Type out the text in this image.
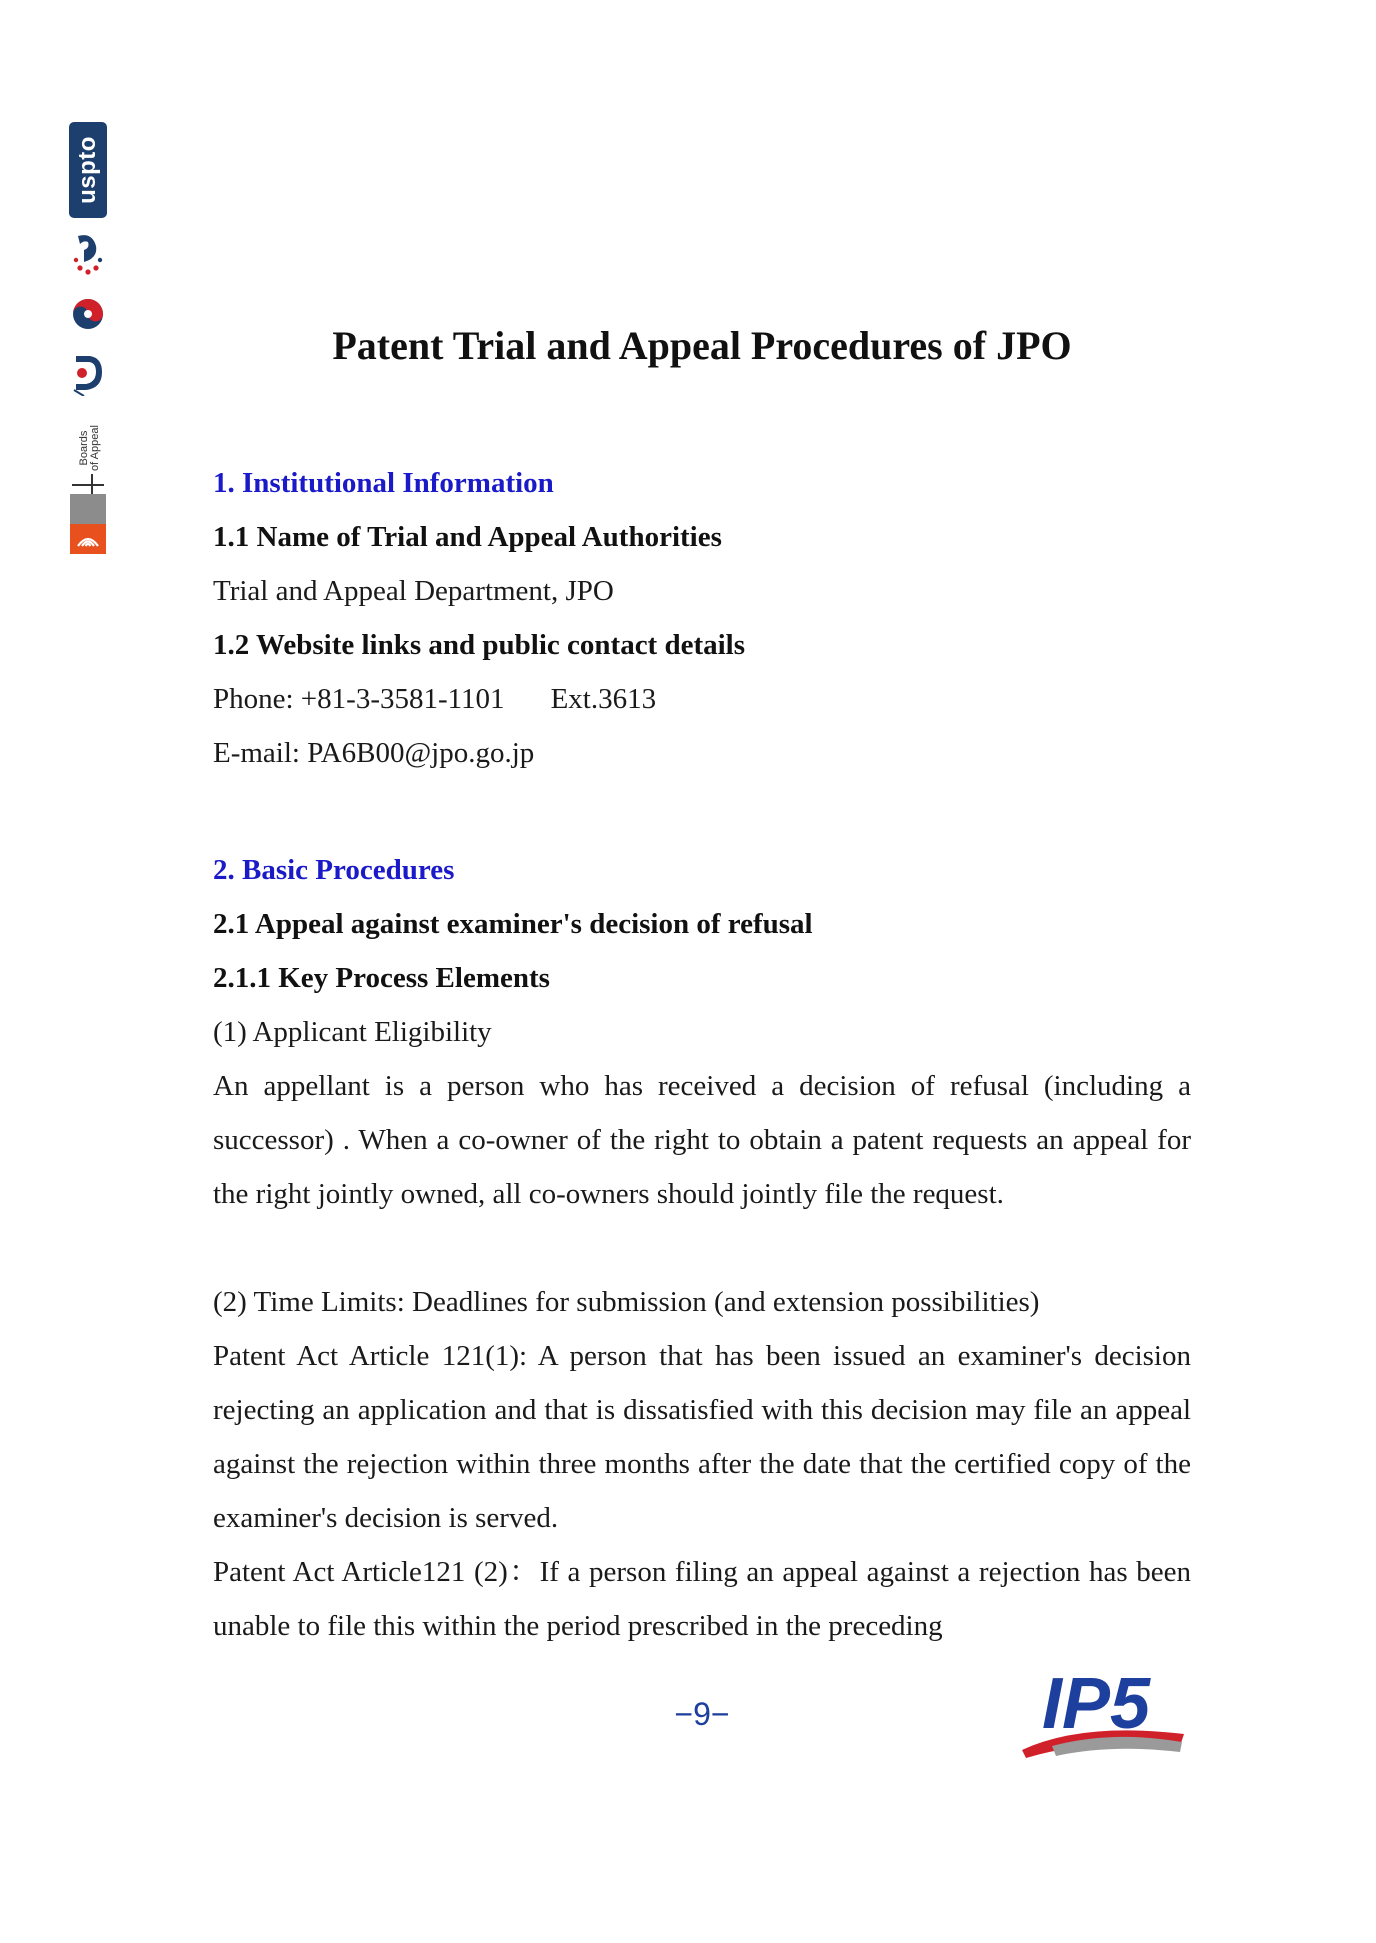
uspto
Boards of Appeal
Patent Trial and Appeal Procedures of JPO

1. Institutional Information

1.1 Name of Trial and Appeal Authorities

Trial and Appeal Department, JPO

1.2 Website links and public contact details

Phone: +81-3-3581-1101 Ext.3613

E-mail: PA6B00@jpo.go.jp

2. Basic Procedures

2.1 Appeal against examiner's decision of refusal

2.1.1 Key Process Elements

(1) Applicant Eligibility

An appellant is a person who has received a decision of refusal (including a successor) . When a co-owner of the right to obtain a patent requests an appeal for the right jointly owned, all co-owners should jointly file the request.

(2) Time Limits: Deadlines for submission (and extension possibilities)

Patent Act Article 121(1): A person that has been issued an examiner's decision rejecting an application and that is dissatisfied with this decision may file an appeal against the rejection within three months after the date that the certified copy of the examiner's decision is served.

Patent Act Article121 (2)：If a person filing an appeal against a rejection has been unable to file this within the period prescribed in the preceding

−9−	IP5
